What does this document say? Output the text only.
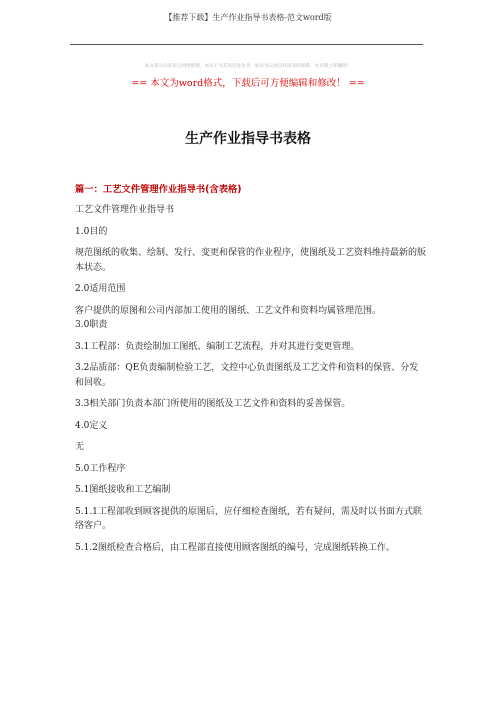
【推荐下载】生产作业指导书表格-范文word版
本文部分内容来自网络整理，本司不为其真实性负责，如有异议或侵权请及时联系，本司将立即删除！
== 本文为word格式，下载后可方便编辑和修改！ ==
生产作业指导书表格
篇一：工艺文件管理作业指导书(含表格)

工艺文件管理作业指导书

1.0目的

规范图纸的收集、绘制、发行、变更和保管的作业程序，使图纸及工艺资料维持最新的版本状态。

2.0适用范围

客户提供的原图和公司内部加工使用的图纸、工艺文件和资料均属管理范围。

3.0职责

3.1工程部：负责绘制加工图纸、编制工艺流程，并对其进行变更管理。

3.2品质部：QE负责编制检验工艺，文控中心负责图纸及工艺文件和资料的保管、分发和回收。

3.3相关部门负责本部门所使用的图纸及工艺文件和资料的妥善保管。

4.0定义

无

5.0工作程序

5.1图纸接收和工艺编制

5.1.1工程部收到顾客提供的原图后，应仔细检查图纸，若有疑问，需及时以书面方式联络客户。

5.1.2图纸检查合格后，由工程部直接使用顾客图纸的编号，完成图纸转换工作。
